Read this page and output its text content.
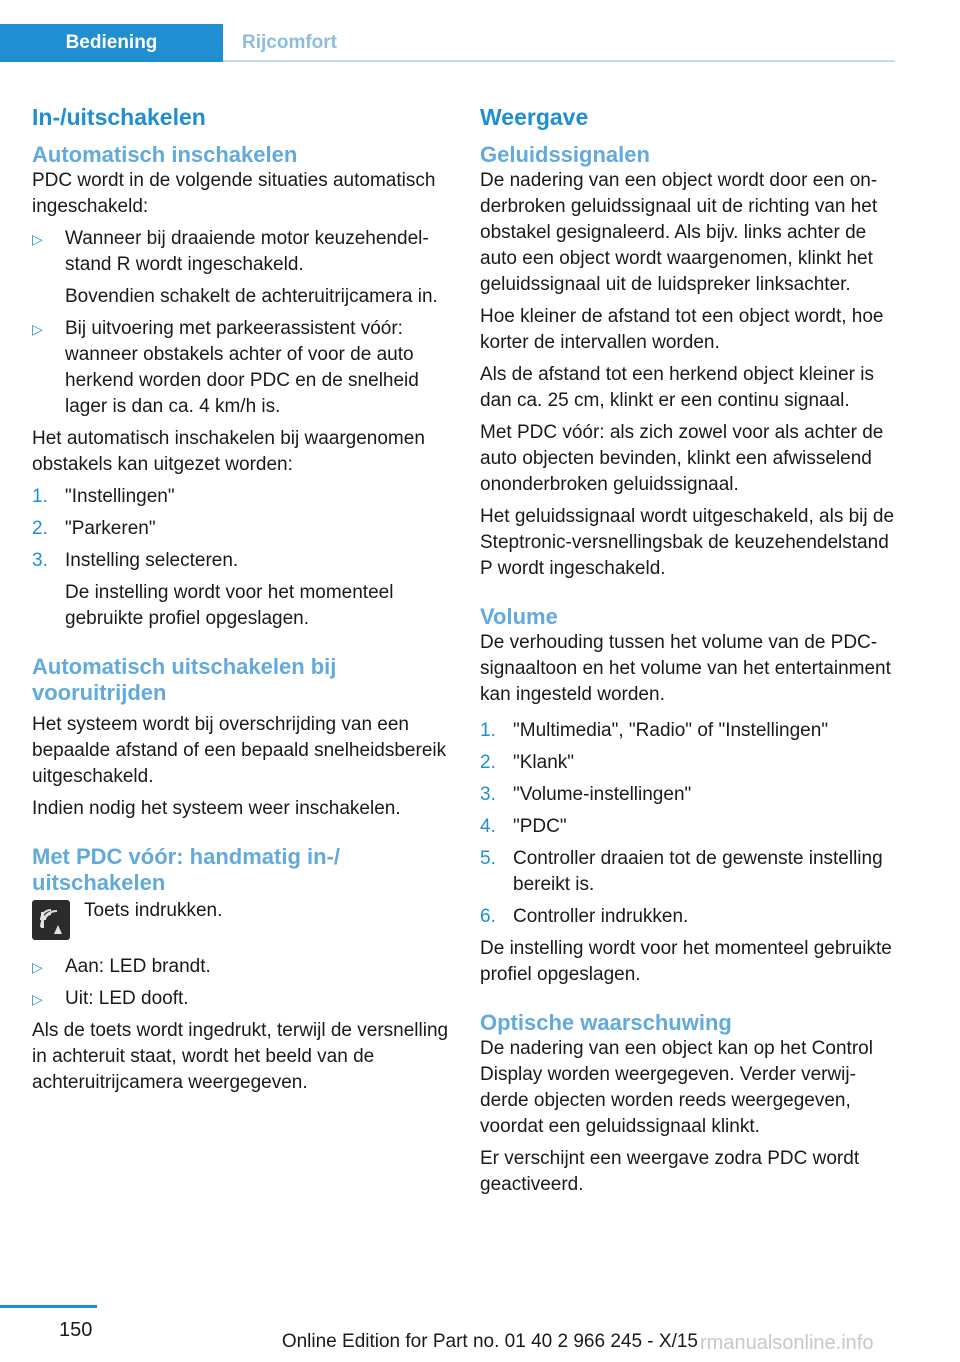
Bediening	Rijcomfort
In-/uitschakelen
Automatisch inschakelen

PDC wordt in de volgende situaties automatisch ingeschakeld:

▷ Wanneer bij draaiende motor keuzehendelstand R wordt ingeschakeld.
Bovendien schakelt de achteruitrijcamera in.
▷ Bij uitvoering met parkeerassistent vóór: wanneer obstakels achter of voor de auto herkend worden door PDC en de snelheid lager is dan ca. 4 km/h is.

Het automatisch inschakelen bij waargenomen obstakels kan uitgezet worden:

1. "Instellingen"
2. "Parkeren"
3. Instelling selecteren.
De instelling wordt voor het momenteel gebruikte profiel opgeslagen.
Automatisch uitschakelen bij vooruitrijden

Het systeem wordt bij overschrijding van een bepaalde afstand of een bepaald snelheidsbereik uitgeschakeld.

Indien nodig het systeem weer inschakelen.

Met PDC vóór: handmatig in-/ uitschakelen
Toets indrukken.
▷ Aan: LED brandt.
▷ Uit: LED dooft.

Als de toets wordt ingedrukt, terwijl de versnelling in achteruit staat, wordt het beeld van de achteruitrijcamera weergegeven.

Weergave
Geluidssignalen

De nadering van een object wordt door een onderbroken geluidssignaal uit de richting van het obstakel gesignaleerd. Als bijv. links achter de auto een object wordt waargenomen, klinkt het geluidssignaal uit de luidspreker linksachter.

Hoe kleiner de afstand tot een object wordt, hoe korter de intervallen worden.

Als de afstand tot een herkend object kleiner is dan ca. 25 cm, klinkt er een continu signaal.

Met PDC vóór: als zich zowel voor als achter de auto objecten bevinden, klinkt een afwisselend ononderbroken geluidssignaal.

Het geluidssignaal wordt uitgeschakeld, als bij de Steptronic-versnellingsbak de keuzehendelstand P wordt ingeschakeld.

Volume

De verhouding tussen het volume van de PDC-signaaltoon en het volume van het entertainment kan ingesteld worden.

1. "Multimedia", "Radio" of "Instellingen"
2. "Klank"
3. "Volume-instellingen"
4. "PDC"
5. Controller draaien tot de gewenste instelling bereikt is.
6. Controller indrukken.

De instelling wordt voor het momenteel gebruikte profiel opgeslagen.

Optische waarschuwing

De nadering van een object kan op het Control Display worden weergegeven. Verder verwijderde objecten worden reeds weergegeven, voordat een geluidssignaal klinkt.

Er verschijnt een weergave zodra PDC wordt geactiveerd.

150
Online Edition for Part no. 01 40 2 966 245 - X/15 rmanualsonline.info
